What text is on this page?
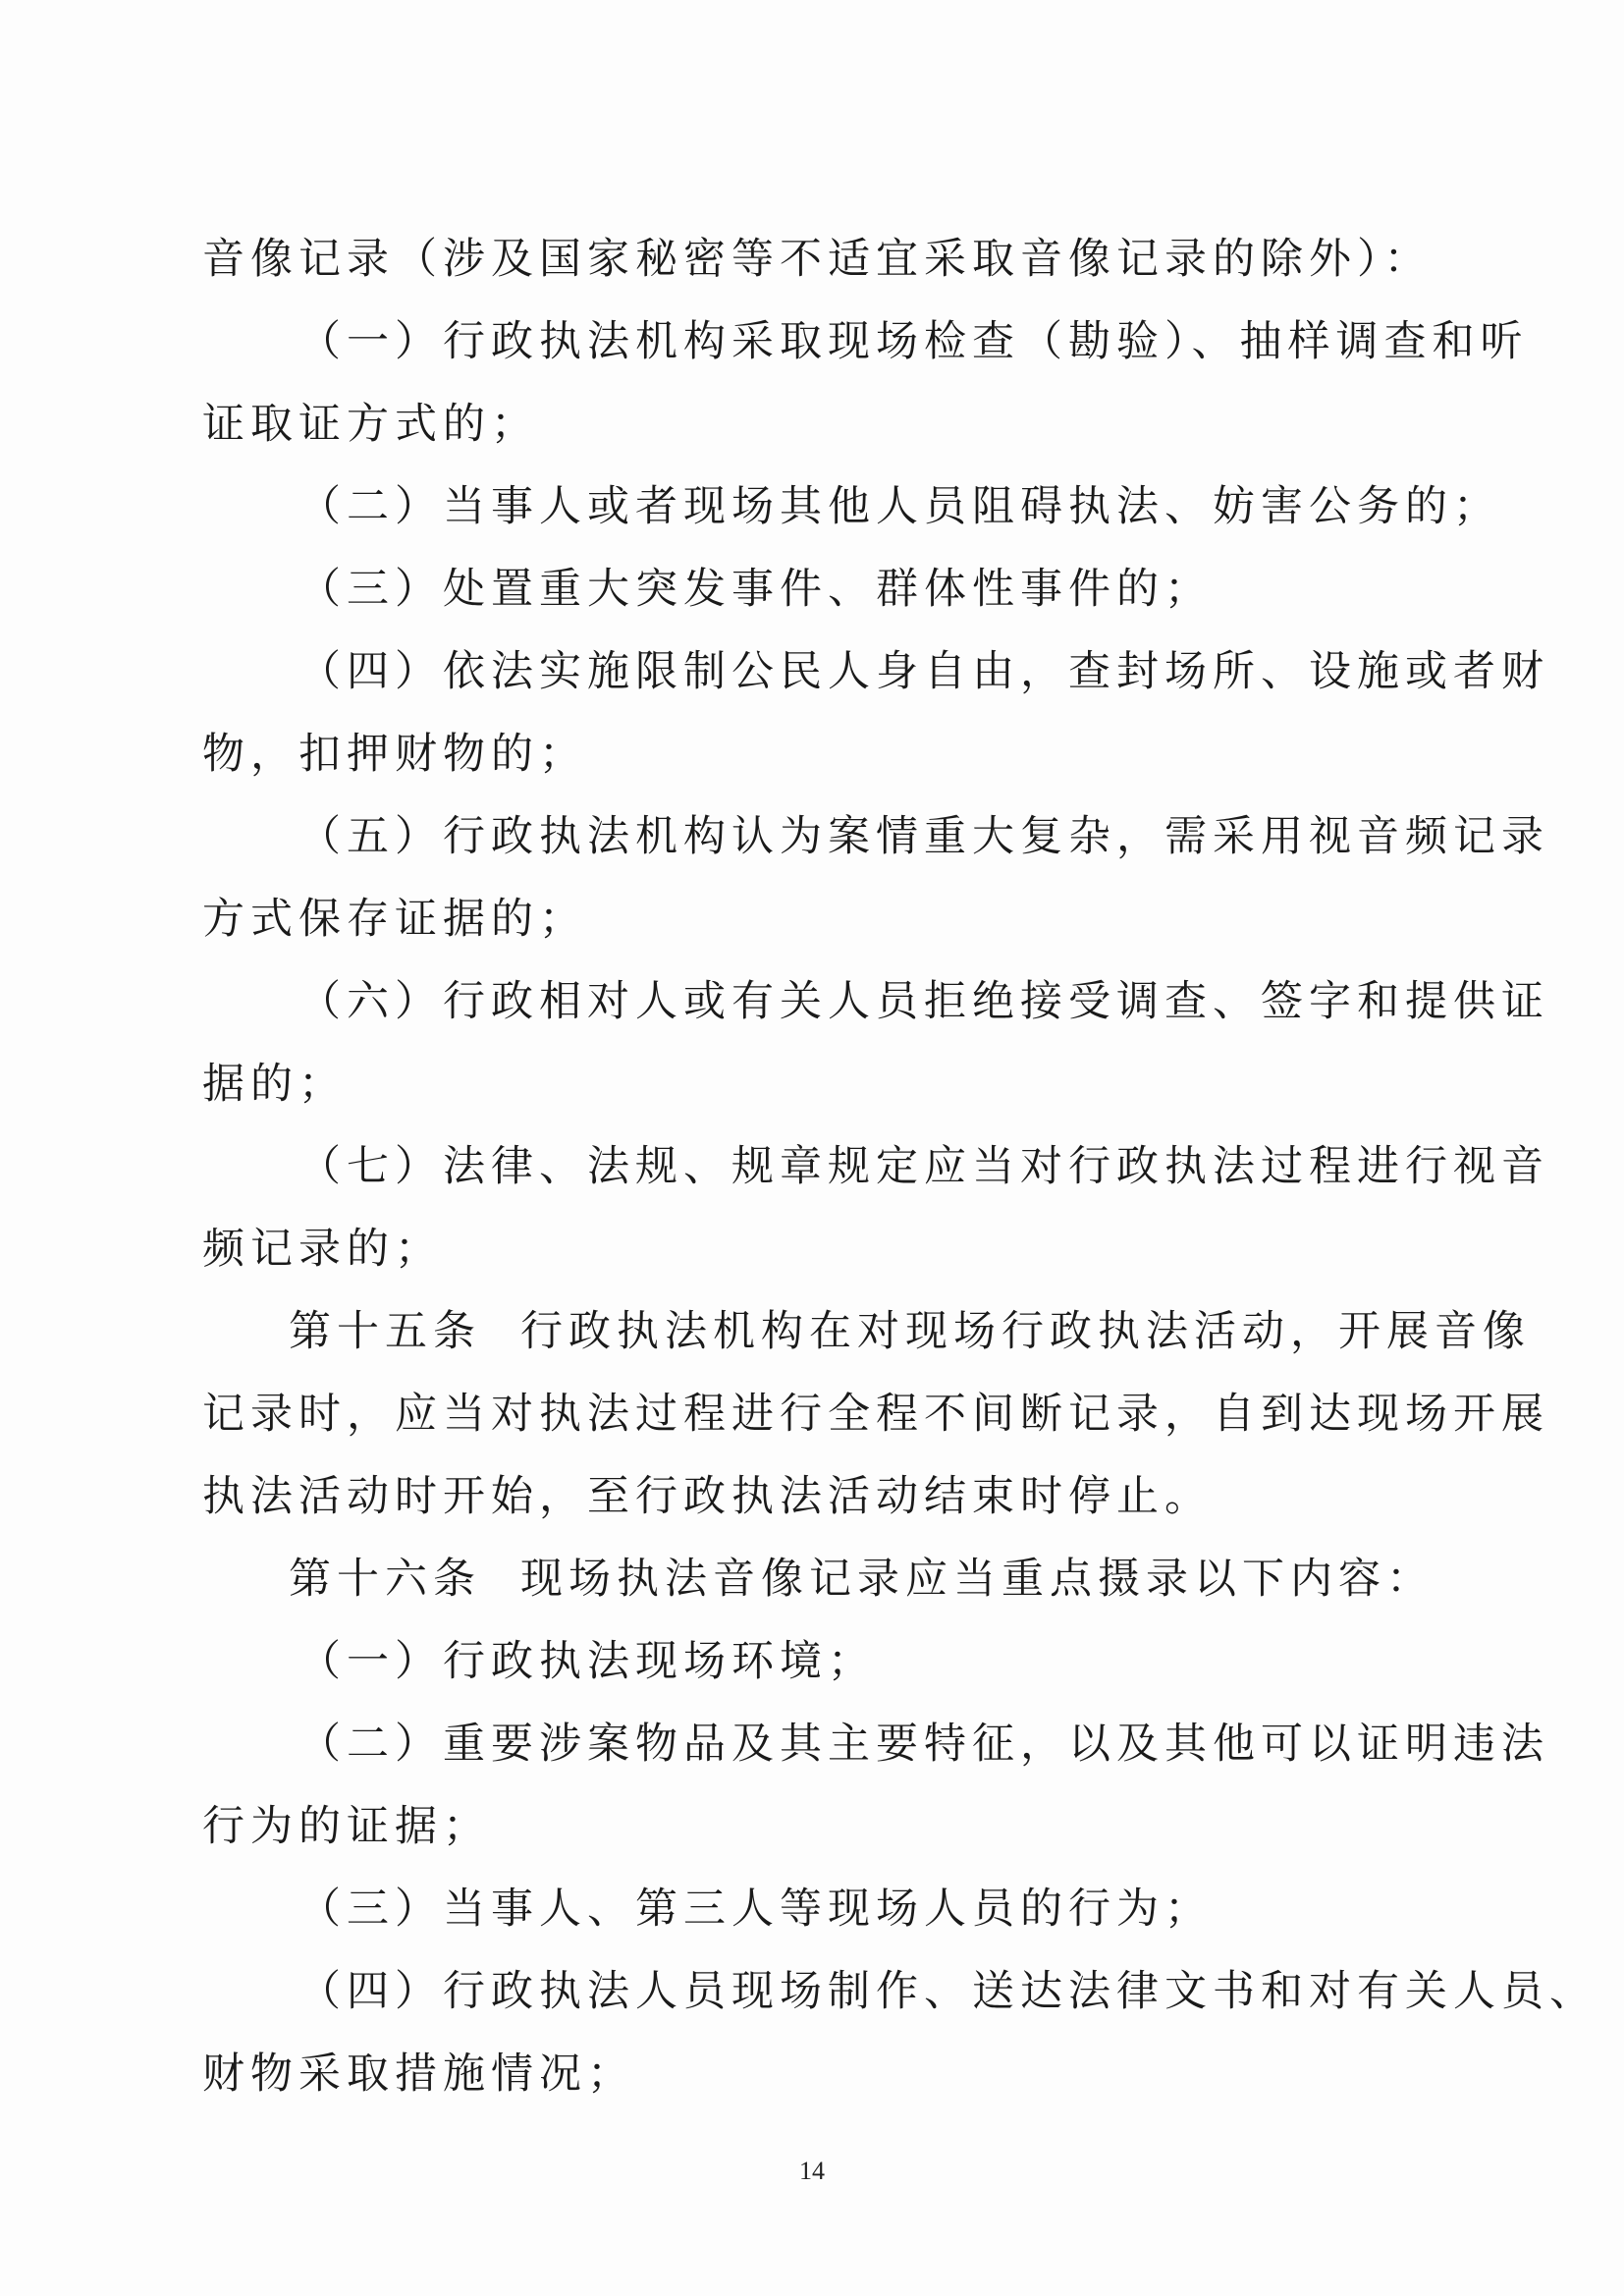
音像记录（涉及国家秘密等不适宜采取音像记录的除外）：
（一）行政执法机构采取现场检查（勘验）、抽样调查和听
证取证方式的；
（二）当事人或者现场其他人员阻碍执法、妨害公务的；
（三）处置重大突发事件、群体性事件的；
（四）依法实施限制公民人身自由，查封场所、设施或者财
物，扣押财物的；
（五）行政执法机构认为案情重大复杂，需采用视音频记录
方式保存证据的；
（六）行政相对人或有关人员拒绝接受调查、签字和提供证
据的；
（七）法律、法规、规章规定应当对行政执法过程进行视音
频记录的；
第十五条 行政执法机构在对现场行政执法活动，开展音像
记录时，应当对执法过程进行全程不间断记录，自到达现场开展
执法活动时开始，至行政执法活动结束时停止。
第十六条 现场执法音像记录应当重点摄录以下内容：
（一）行政执法现场环境；
（二）重要涉案物品及其主要特征，以及其他可以证明违法
行为的证据；
（三）当事人、第三人等现场人员的行为；
（四）行政执法人员现场制作、送达法律文书和对有关人员、
财物采取措施情况；
14
